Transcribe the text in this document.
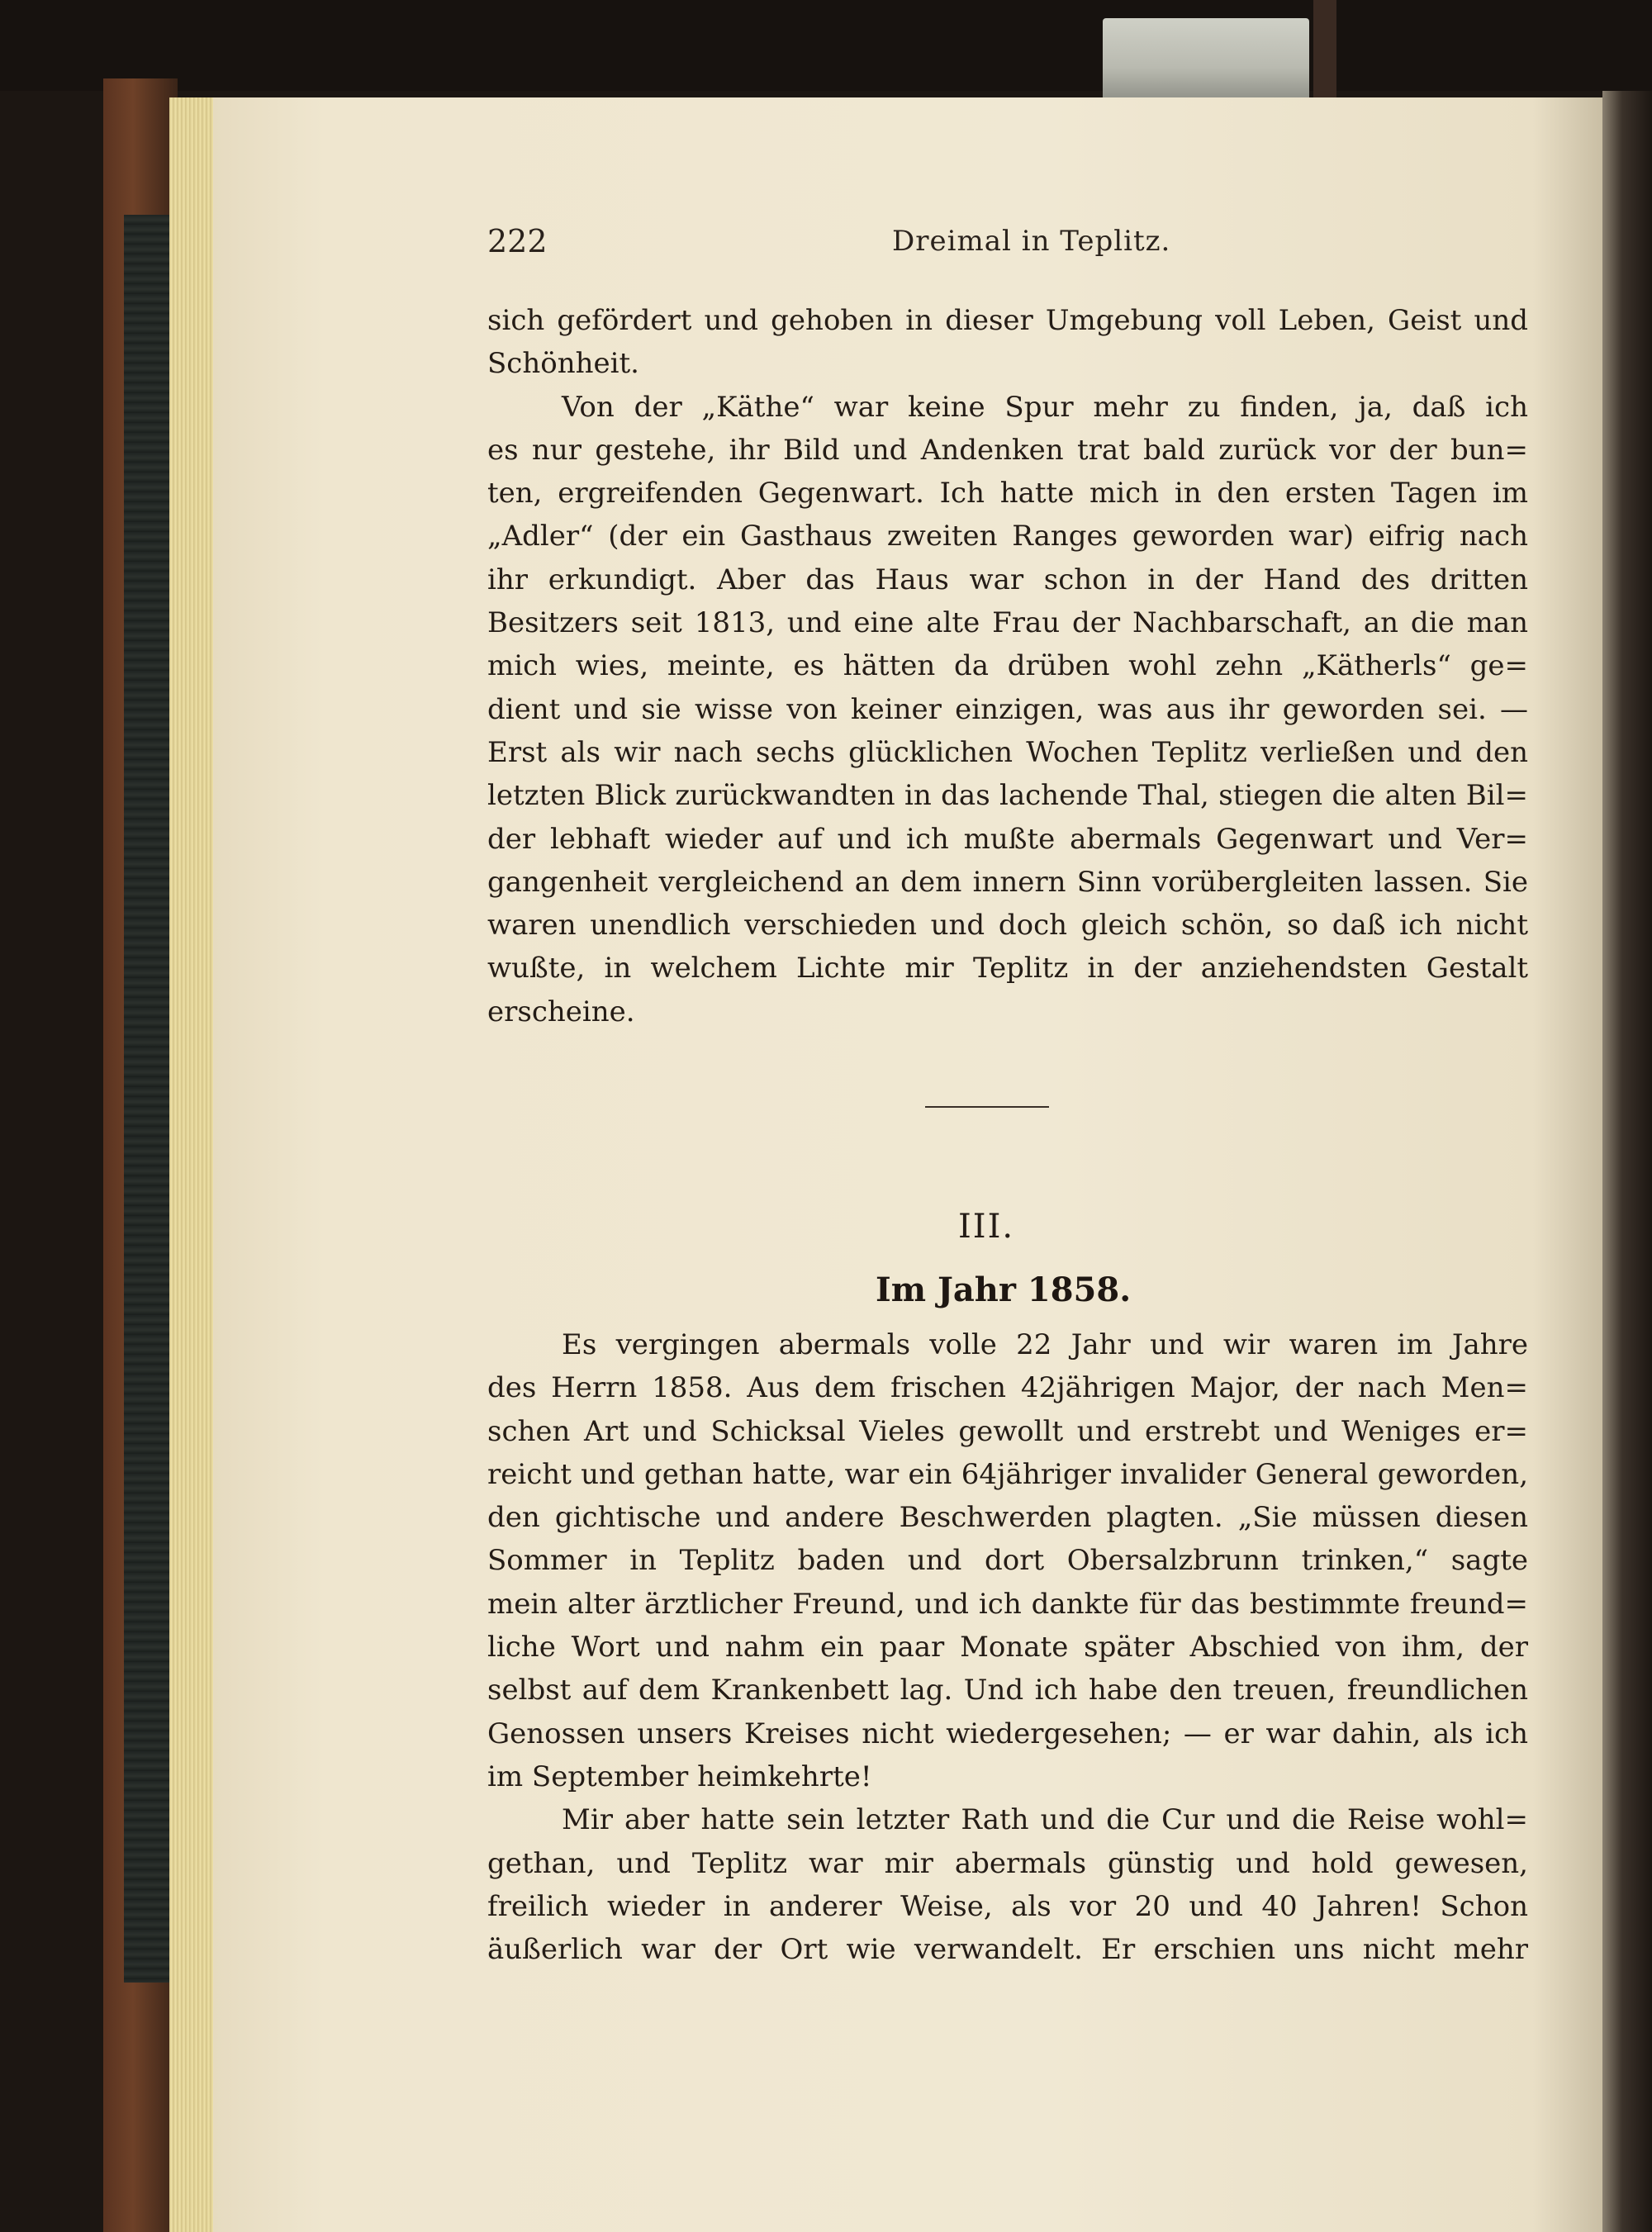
222	Dreimal in Teplitz.
sich gefördert und gehoben in dieser Umgebung voll Leben, Geist und
Schönheit.
Von der „Käthe“ war keine Spur mehr zu finden, ja, daß ich
es nur gestehe, ihr Bild und Andenken trat bald zurück vor der bun=
ten, ergreifenden Gegenwart. Ich hatte mich in den ersten Tagen im
„Adler“ (der ein Gasthaus zweiten Ranges geworden war) eifrig nach
ihr erkundigt. Aber das Haus war schon in der Hand des dritten
Besitzers seit 1813, und eine alte Frau der Nachbarschaft, an die man
mich wies, meinte, es hätten da drüben wohl zehn „Kätherls“ ge=
dient und sie wisse von keiner einzigen, was aus ihr geworden sei. —
Erst als wir nach sechs glücklichen Wochen Teplitz verließen und den
letzten Blick zurückwandten in das lachende Thal, stiegen die alten Bil=
der lebhaft wieder auf und ich mußte abermals Gegenwart und Ver=
gangenheit vergleichend an dem innern Sinn vorübergleiten lassen. Sie
waren unendlich verschieden und doch gleich schön, so daß ich nicht
wußte, in welchem Lichte mir Teplitz in der anziehendsten Gestalt
erscheine.
III.
Im Jahr 1858.
Es vergingen abermals volle 22 Jahr und wir waren im Jahre
des Herrn 1858. Aus dem frischen 42jährigen Major, der nach Men=
schen Art und Schicksal Vieles gewollt und erstrebt und Weniges er=
reicht und gethan hatte, war ein 64jähriger invalider General geworden,
den gichtische und andere Beschwerden plagten. „Sie müssen diesen
Sommer in Teplitz baden und dort Obersalzbrunn trinken,“ sagte
mein alter ärztlicher Freund, und ich dankte für das bestimmte freund=
liche Wort und nahm ein paar Monate später Abschied von ihm, der
selbst auf dem Krankenbett lag. Und ich habe den treuen, freundlichen
Genossen unsers Kreises nicht wiedergesehen; — er war dahin, als ich
im September heimkehrte!
Mir aber hatte sein letzter Rath und die Cur und die Reise wohl=
gethan, und Teplitz war mir abermals günstig und hold gewesen,
freilich wieder in anderer Weise, als vor 20 und 40 Jahren! Schon
äußerlich war der Ort wie verwandelt. Er erschien uns nicht mehr
